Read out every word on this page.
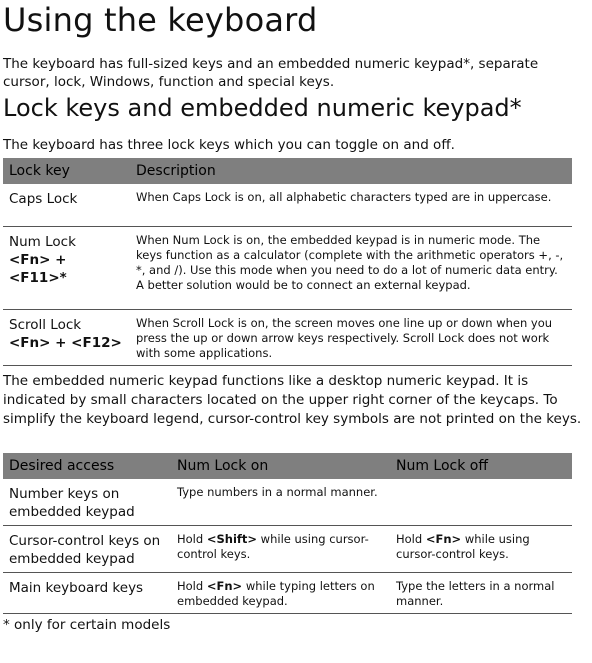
Using the keyboard

The keyboard has full-sized keys and an embedded numeric keypad*, separate cursor, lock, Windows, function and special keys.

Lock keys and embedded numeric keypad*

The keyboard has three lock keys which you can toggle on and off.

Lock key	Description
Caps Lock	When Caps Lock is on, all alphabetic characters typed are in uppercase.
Num Lock
<Fn> + <F11>*	When Num Lock is on, the embedded keypad is in numeric mode. The keys function as a calculator (complete with the arithmetic operators +, -, *, and /). Use this mode when you need to do a lot of numeric data entry. A better solution would be to connect an external keypad.
Scroll Lock <Fn> + <F12>	When Scroll Lock is on, the screen moves one line up or down when you press the up or down arrow keys respectively. Scroll Lock does not work with some applications.

The embedded numeric keypad functions like a desktop numeric keypad. It is indicated by small characters located on the upper right corner of the keycaps. To simplify the keyboard legend, cursor-control key symbols are not printed on the keys.

Desired access	Num Lock on	Num Lock off
Number keys on embedded keypad	Type numbers in a normal manner.	
Cursor-control keys on embedded keypad	Hold <Shift> while using cursor-control keys.	Hold <Fn> while using cursor-control keys.
Main keyboard keys	Hold <Fn> while typing letters on embedded keypad.	Type the letters in a normal manner.

* only for certain models
